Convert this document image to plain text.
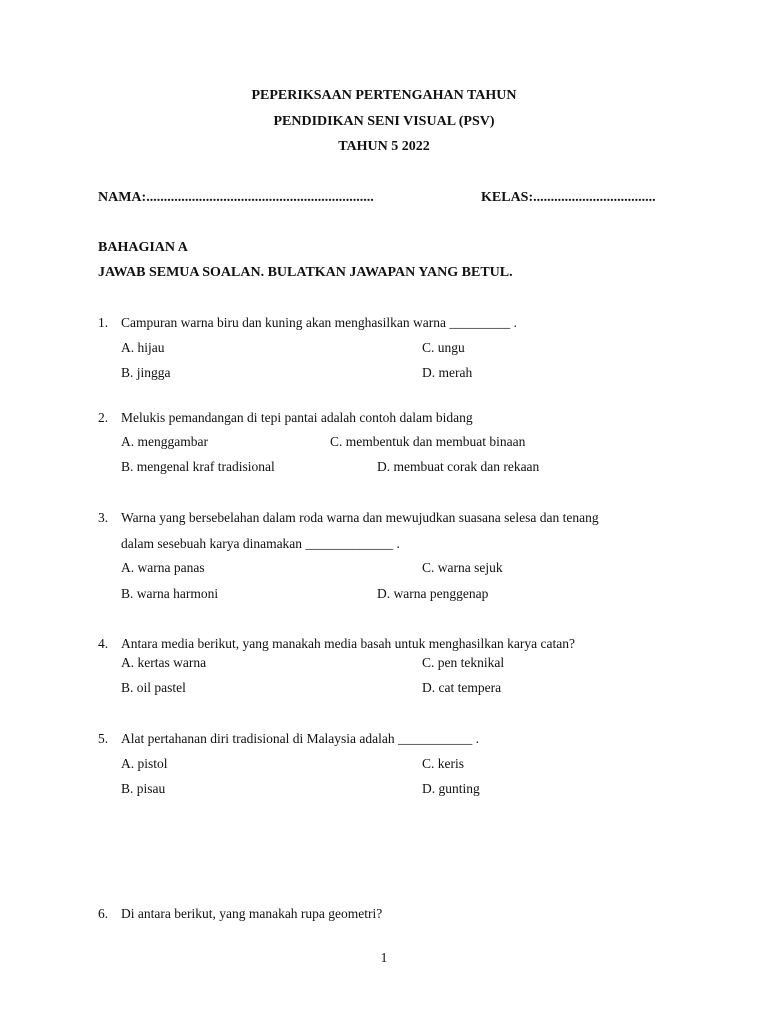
PEPERIKSAAN PERTENGAHAN TAHUN
PENDIDIKAN SENI VISUAL (PSV)
TAHUN 5 2022
NAMA:.................................................................	KELAS:...................................
BAHAGIAN A
JAWAB SEMUA SOALAN. BULATKAN JAWAPAN YANG BETUL.
1. Campuran warna biru dan kuning akan menghasilkan warna _________ .
A. hijau	C. ungu
B. jingga	D. merah
2. Melukis pemandangan di tepi pantai adalah contoh dalam bidang
A. menggambar	C. membentuk dan membuat binaan
B. mengenal kraf tradisional	D. membuat corak dan rekaan
3. Warna yang bersebelahan dalam roda warna dan mewujudkan suasana selesa dan tenang
dalam sesebuah karya dinamakan _____________ .
A. warna panas	C. warna sejuk
B. warna harmoni	D. warna penggenap
4. Antara media berikut, yang manakah media basah untuk menghasilkan karya catan?
A. kertas warna	C. pen teknikal
B. oil pastel	D. cat tempera
5. Alat pertahanan diri tradisional di Malaysia adalah ___________ .
A. pistol	C. keris
B. pisau	D. gunting
6. Di antara berikut, yang manakah rupa geometri?
1
